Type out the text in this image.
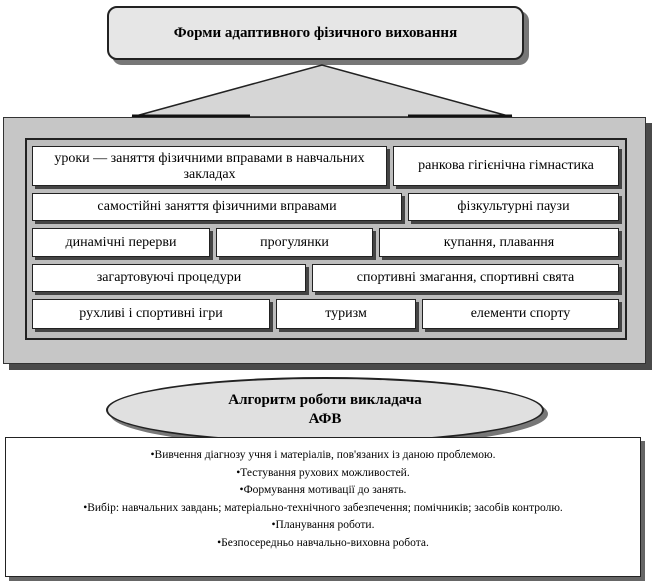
Форми адаптивного фізичного виховання
уроки — заняття фізичними вправами в навчальних закладах
ранкова гігієнічна гімнастика
самостійні заняття фізичними вправами	фізкультурні паузи
динамічні перерви	прогулянки	купання, плавання
загартовуючі процедури	спортивні змагання, спортивні свята
рухливі і спортивні ігри	туризм	елементи спорту
Алгоритм роботи викладача
АФВ
•Вивчення діагнозу учня і матеріалів, пов'язаних із даною проблемою.
•Тестування рухових можливостей.
•Формування мотивації до занять.
•Вибір: навчальних завдань; матеріально-технічного забезпечення; помічників; засобів контролю.
•Планування роботи.
•Безпосередньо навчально-виховна робота.
